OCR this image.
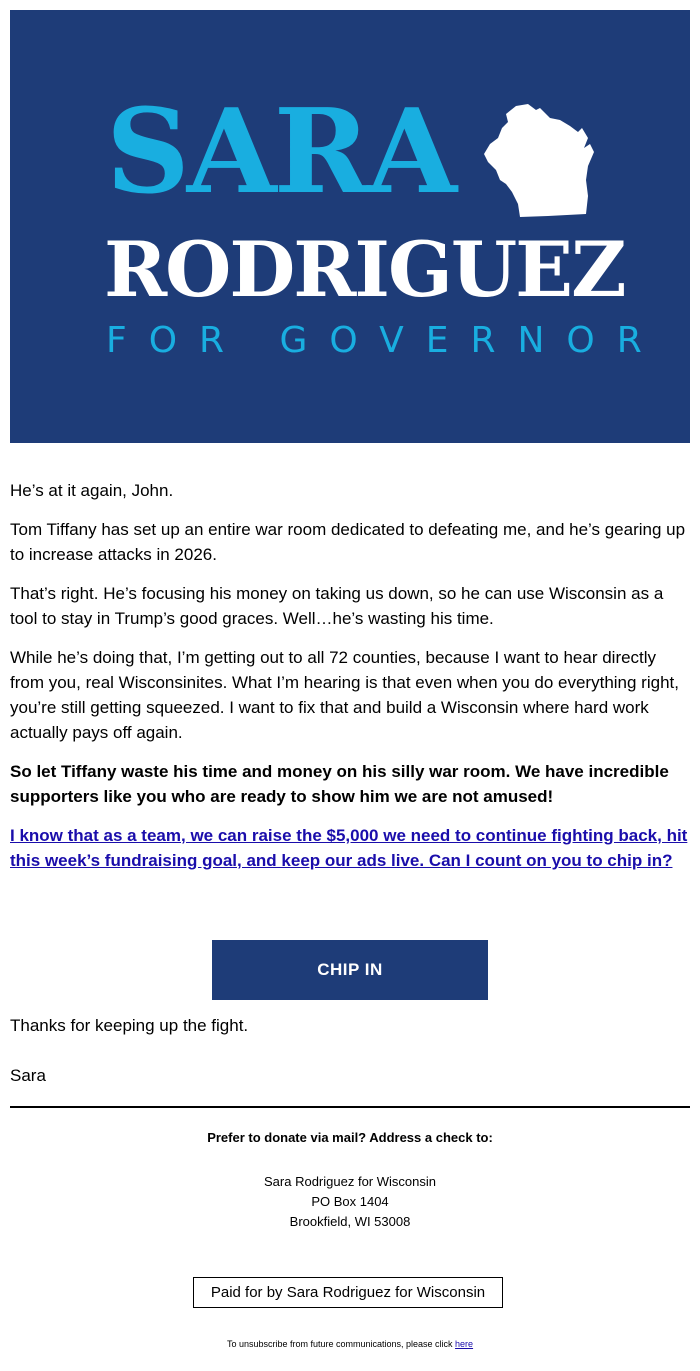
SARA
RODRIGUEZ
FOR GOVERNOR

He’s at it again, John.

Tom Tiffany has set up an entire war room dedicated to defeating me, and he’s gearing up to increase attacks in 2026.

That’s right. He’s focusing his money on taking us down, so he can use Wisconsin as a tool to stay in Trump’s good graces. Well…he’s wasting his time.

While he’s doing that, I’m getting out to all 72 counties, because I want to hear directly from you, real Wisconsinites. What I’m hearing is that even when you do everything right, you’re still getting squeezed. I want to fix that and build a Wisconsin where hard work actually pays off again.

So let Tiffany waste his time and money on his silly war room. We have incredible supporters like you who are ready to show him we are not amused!

I know that as a team, we can raise the $5,000 we need to continue fighting back, hit this week’s fundraising goal, and keep our ads live. Can I count on you to chip in?

CHIP IN
Thanks for keeping up the fight.
Sara
Prefer to donate via mail? Address a check to:
Sara Rodriguez for Wisconsin
PO Box 1404
Brookfield, WI 53008
Paid for by Sara Rodriguez for Wisconsin
To unsubscribe from future communications, please click here
